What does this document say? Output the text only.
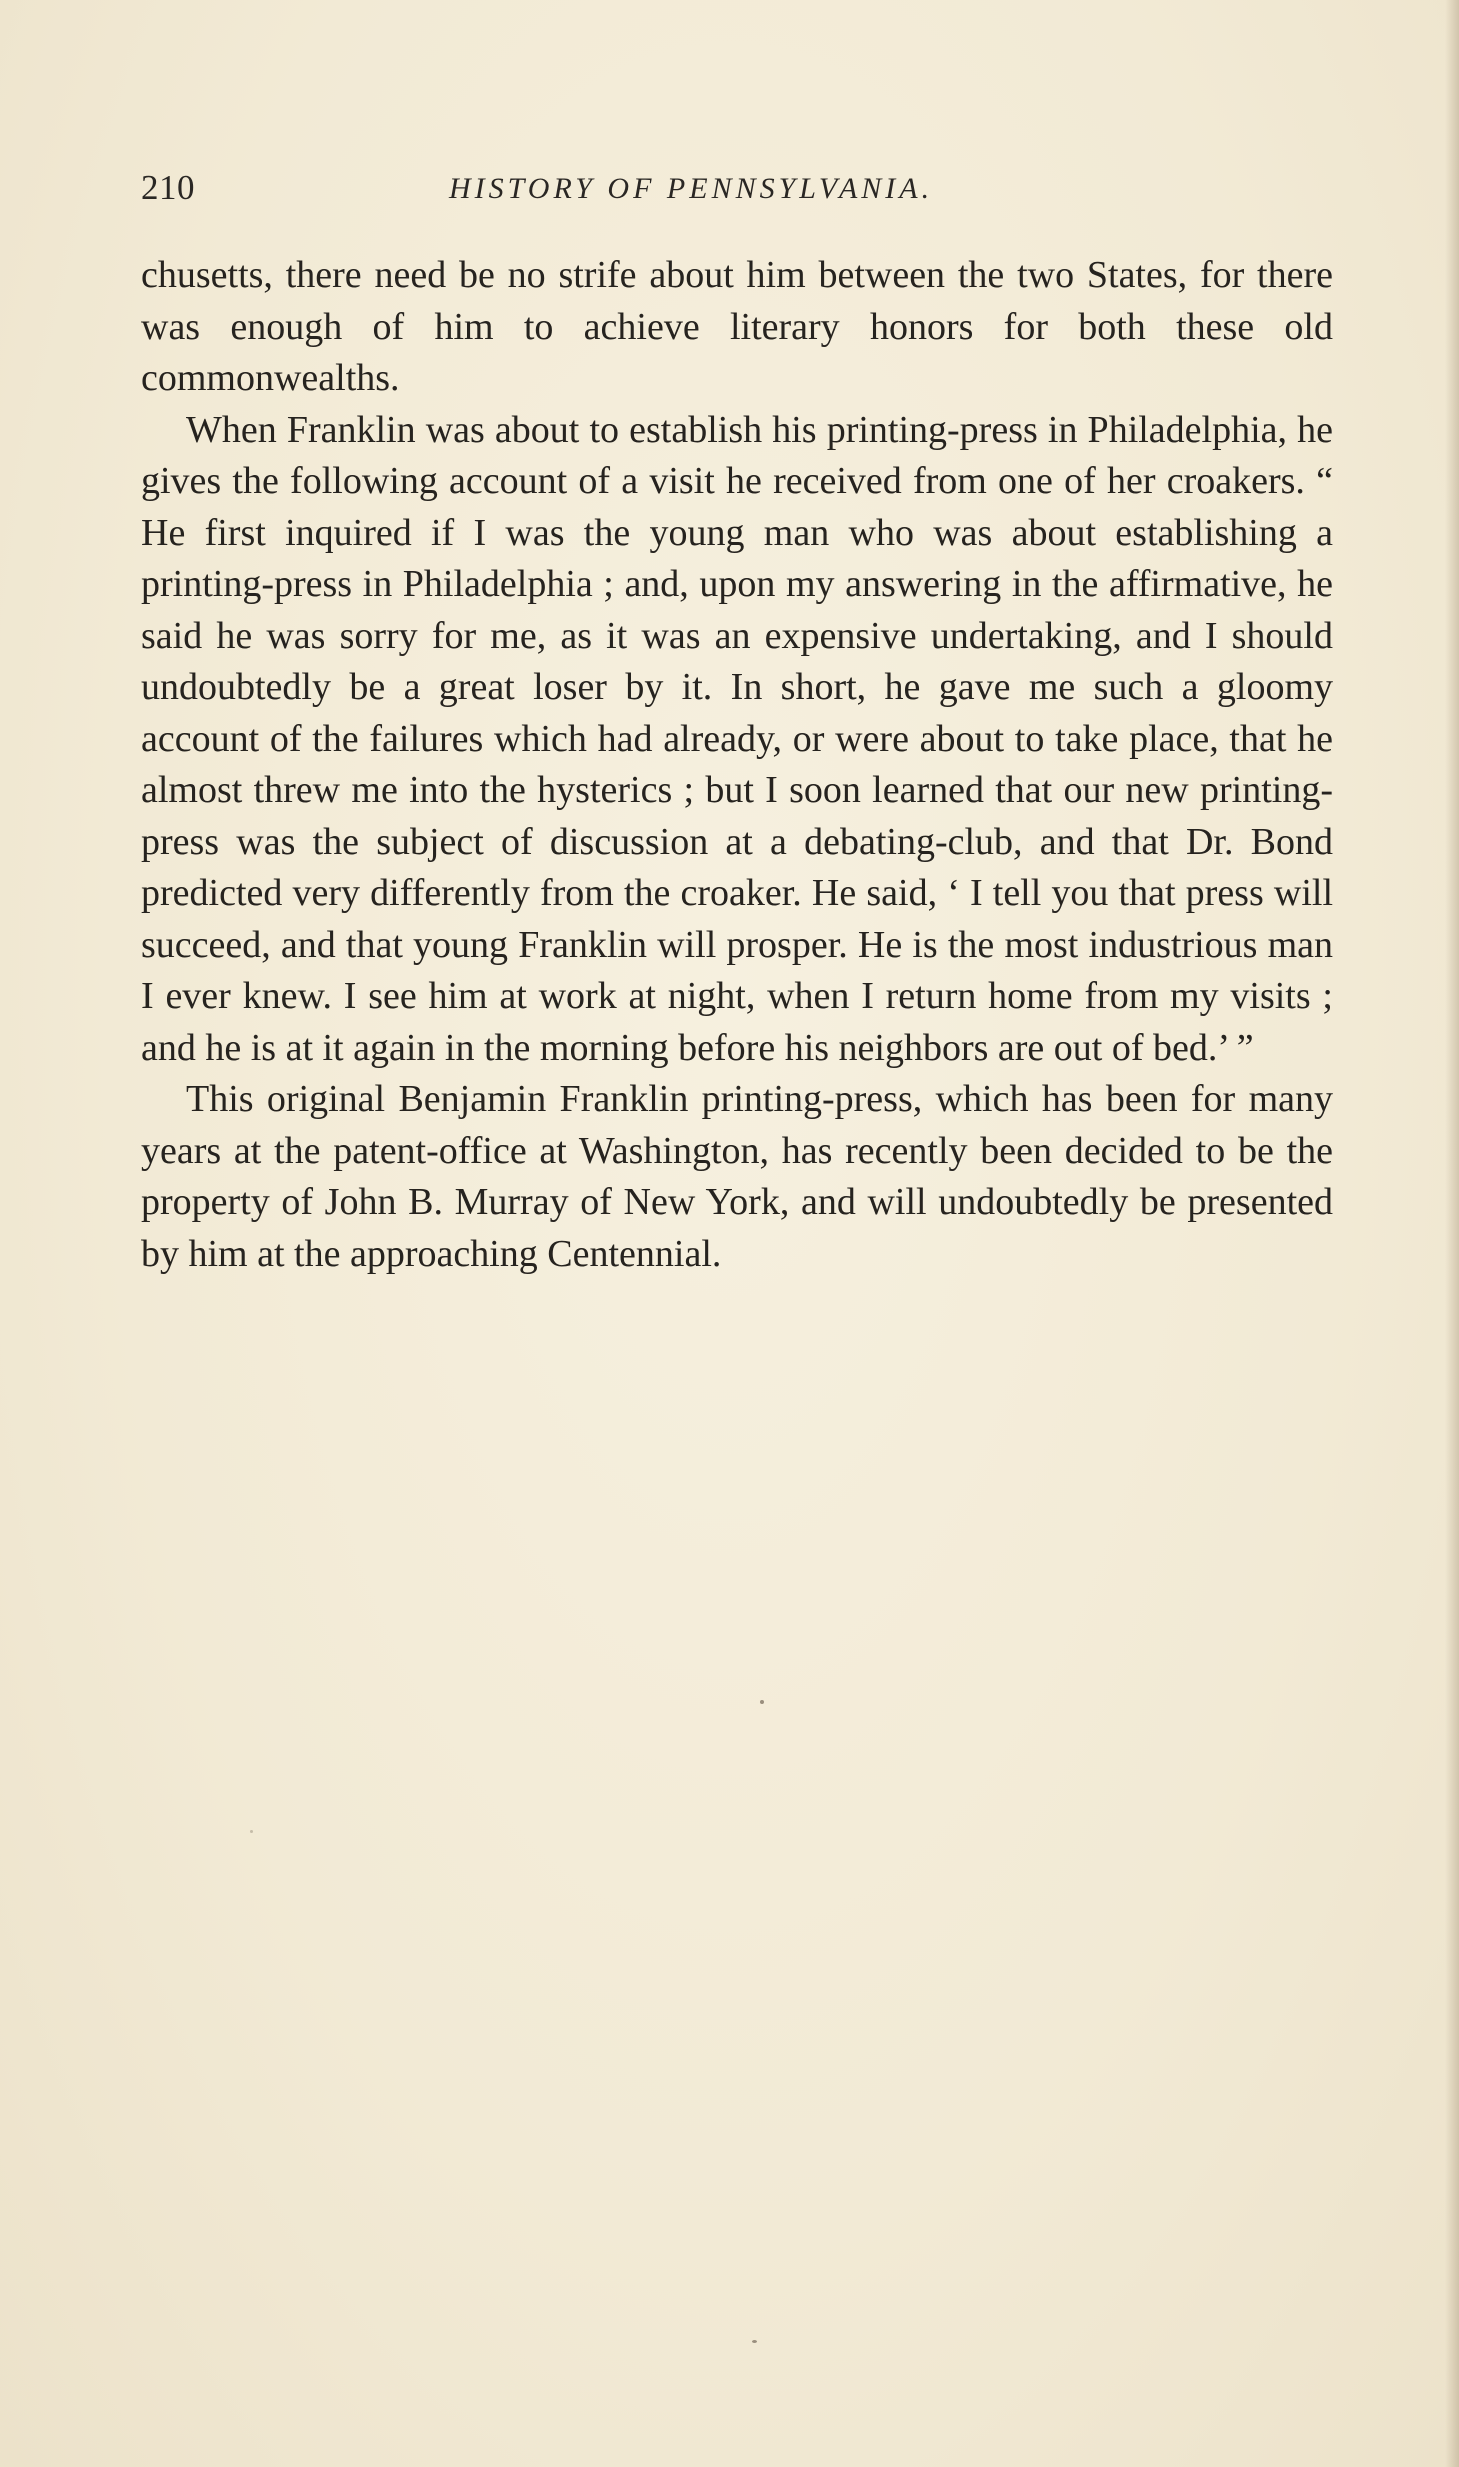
210	HISTORY OF PENNSYLVANIA.

chusetts, there need be no strife about him between the two States, for there was enough of him to achieve literary honors for both these old commonwealths.

When Franklin was about to establish his printing-press in Philadelphia, he gives the following account of a visit he received from one of her croakers. “ He first inquired if I was the young man who was about establishing a printing-press in Philadelphia ; and, upon my answering in the affirmative, he said he was sorry for me, as it was an expensive undertaking, and I should undoubtedly be a great loser by it. In short, he gave me such a gloomy account of the failures which had already, or were about to take place, that he almost threw me into the hysterics ; but I soon learned that our new printing-press was the subject of discussion at a debating-club, and that Dr. Bond predicted very differently from the croaker. He said, ‘ I tell you that press will succeed, and that young Franklin will prosper. He is the most industrious man I ever knew. I see him at work at night, when I return home from my visits ; and he is at it again in the morning before his neighbors are out of bed.’ ”

This original Benjamin Franklin printing-press, which has been for many years at the patent-office at Washington, has recently been decided to be the property of John B. Murray of New York, and will undoubtedly be presented by him at the approaching Centennial.
